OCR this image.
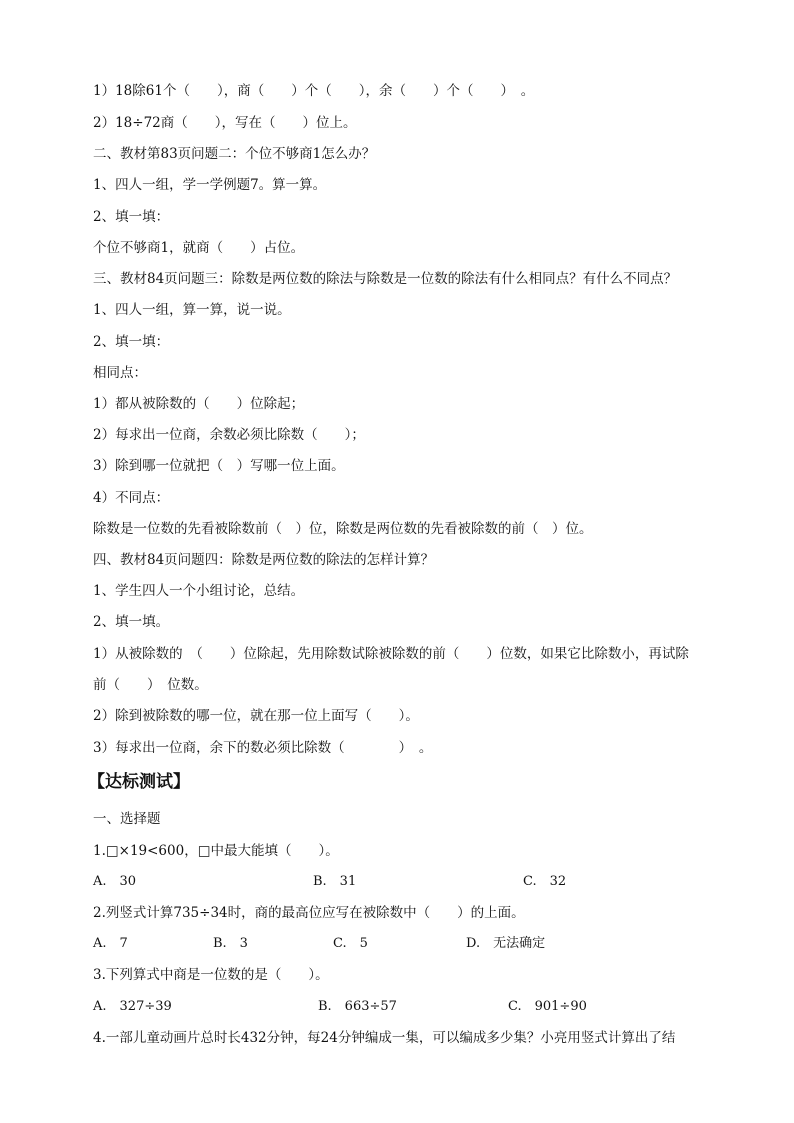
1）18除61个（　　），商（　　）个（　　），余（　　）个（　　）　。
2）18÷72商（　　），写在（　　）位上。
二、教材第83页问题二：个位不够商1怎么办？
1、四人一组，学一学例题7。算一算。
2、填一填：
个位不够商1，就商（　　）占位。
三、教材84页问题三：除数是两位数的除法与除数是一位数的除法有什么相同点？有什么不同点？
1、四人一组，算一算，说一说。
2、填一填：
相同点：
1）都从被除数的（　　）位除起；
2）每求出一位商，余数必须比除数（　　）；
3）除到哪一位就把（　）写哪一位上面。
4）不同点：
除数是一位数的先看被除数前（　）位，除数是两位数的先看被除数的前（　）位。
四、教材84页问题四：除数是两位数的除法的怎样计算？
1、学生四人一个小组讨论，总结。
2、填一填。
1）从被除数的　（　　）位除起，先用除数试除被除数的前（　　）位数，如果它比除数小，再试除
前（　　）　位数。
2）除到被除数的哪一位，就在那一位上面写（　　）。
3）每求出一位商，余下的数必须比除数（　　　　）　。
【达标测试】
一、选择题
1.□×19<600，□中最大能填（　　）。
A.　30	B.　31	C.　32
2.列竖式计算735÷34时，商的最高位应写在被除数中（　　）的上面。
A.　7	B.　3	C.　5	D.　无法确定
3.下列算式中商是一位数的是（　　）。
A.　327÷39	B.　663÷57	C.　901÷90
4.一部儿童动画片总时长432分钟，每24分钟编成一集，可以编成多少集？小亮用竖式计算出了结
